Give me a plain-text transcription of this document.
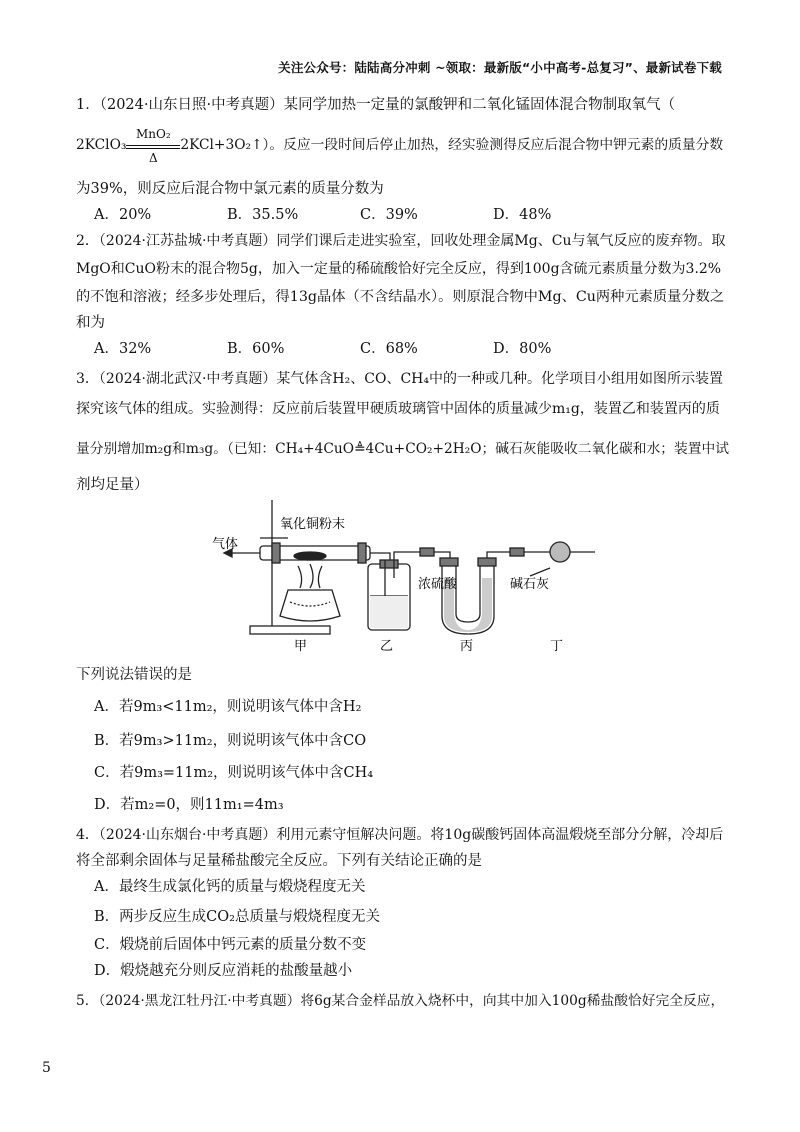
关注公众号：陆陆高分冲刺 ~领取：最新版“小中高考-总复习”、最新试卷下载
1．（2024·山东日照·中考真题）某同学加热一定量的氯酸钾和二氧化锰固体混合物制取氧气（
2KClO₃
MnO₂
Δ
2KCl+3O₂↑）。反应一段时间后停止加热，经实验测得反应后混合物中钾元素的质量分数
为39%，则反应后混合物中氯元素的质量分数为
A．20%	B．35.5%	C．39%	D．48%
2．（2024·江苏盐城·中考真题）同学们课后走进实验室，回收处理金属Mg、Cu与氧气反应的废弃物。取
MgO和CuO粉末的混合物5g，加入一定量的稀硫酸恰好完全反应，得到100g含硫元素质量分数为3.2%
的不饱和溶液；经多步处理后，得13g晶体（不含结晶水）。则原混合物中Mg、Cu两种元素质量分数之
和为
A．32%	B．60%	C．68%	D．80%
3．（2024·湖北武汉·中考真题）某气体含H₂、CO、CH₄中的一种或几种。化学项目小组用如图所示装置
探究该气体的组成。实验测得：反应前后装置甲硬质玻璃管中固体的质量减少m₁g，装置乙和装置丙的质
量分别增加m₂g和m₃g。（已知：CH₄+4CuO≜4Cu+CO₂+2H₂O；碱石灰能吸收二氧化碳和水；装置中试
剂均足量）
气体
氧化铜粉末
浓硫酸	碱石灰
甲	乙	丙	丁
下列说法错误的是
A．若9m₃<11m₂，则说明该气体中含H₂
B．若9m₃>11m₂，则说明该气体中含CO
C．若9m₃=11m₂，则说明该气体中含CH₄
D．若m₂=0，则11m₁=4m₃
4．（2024·山东烟台·中考真题）利用元素守恒解决问题。将10g碳酸钙固体高温煅烧至部分分解，冷却后
将全部剩余固体与足量稀盐酸完全反应。下列有关结论正确的是
A．最终生成氯化钙的质量与煅烧程度无关
B．两步反应生成CO₂总质量与煅烧程度无关
C．煅烧前后固体中钙元素的质量分数不变
D．煅烧越充分则反应消耗的盐酸量越小
5．（2024·黑龙江牡丹江·中考真题）将6g某合金样品放入烧杯中，向其中加入100g稀盐酸恰好完全反应，
5
